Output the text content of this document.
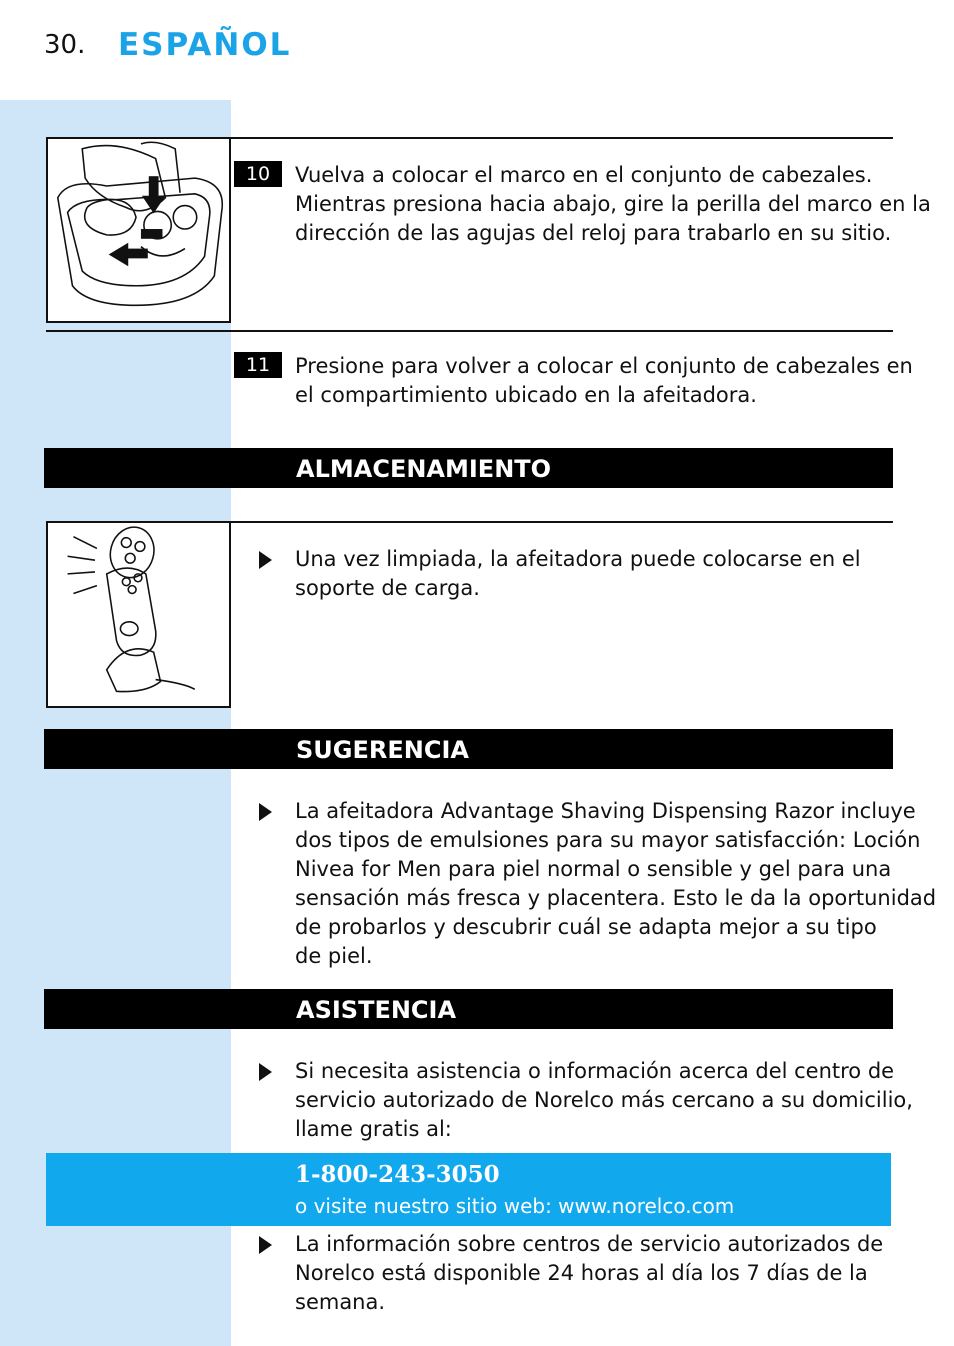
30. ESPAÑOL
10	Vuelva a colocar el marco en el conjunto de cabezales.

Mientras presiona hacia abajo, gire la perilla del marco en la

dirección de las agujas del reloj para trabarlo en su sitio.

11	Presione para volver a colocar el conjunto de cabezales en

el compartimiento ubicado en la afeitadora.

ALMACENAMIENTO

Una vez limpiada, la afeitadora puede colocarse en el

soporte de carga.

SUGERENCIA

La afeitadora Advantage Shaving Dispensing Razor incluye

dos tipos de emulsiones para su mayor satisfacción: Loción

Nivea for Men para piel normal o sensible y gel para una

sensación más fresca y placentera. Esto le da la oportunidad

de probarlos y descubrir cuál se adapta mejor a su tipo

de piel.

ASISTENCIA

Si necesita asistencia o información acerca del centro de

servicio autorizado de Norelco más cercano a su domicilio,

llame gratis al:

1-800-243-3050
o visite nuestro sitio web: www.norelco.com

La información sobre centros de servicio autorizados de

Norelco está disponible 24 horas al día los 7 días de la

semana.
